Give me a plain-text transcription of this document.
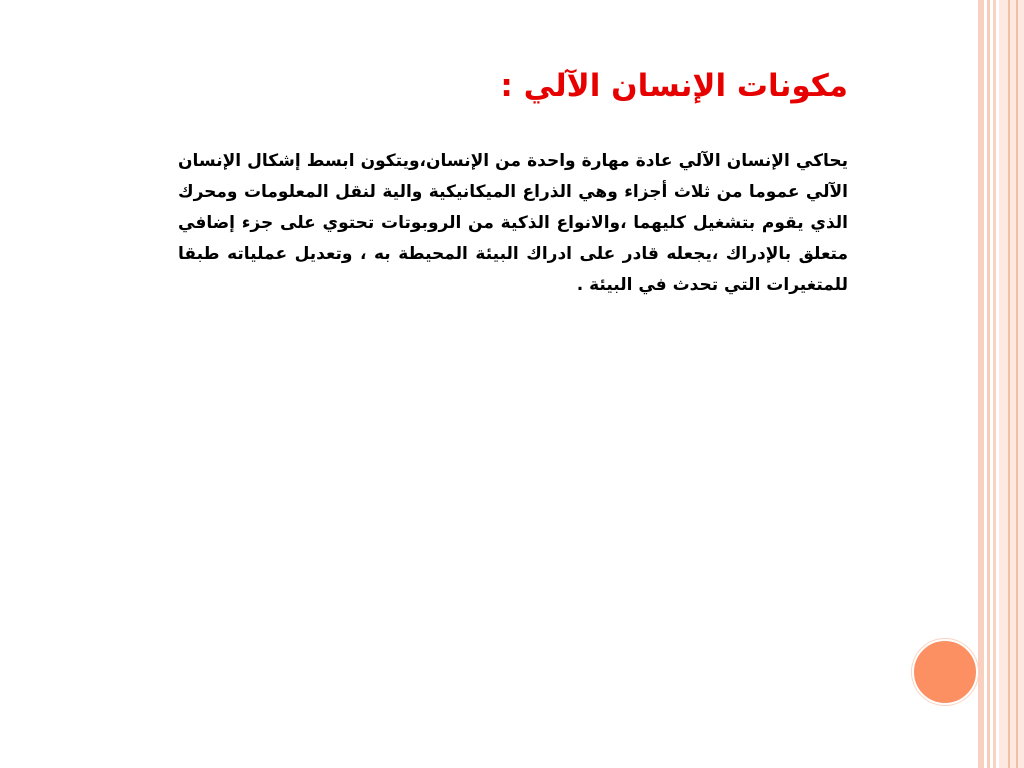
مكونات الإنسان الآلي :
يحاكي الإنسان الآلي عادة مهارة واحدة من الإنسان،ويتكون ابسط إشكال الإنسان الآلي عموما من ثلاث أجزاء وهي الذراع الميكانيكية والية لنقل المعلومات ومحرك الذي يقوم بتشغيل كليهما ،والانواع الذكية من الروبوتات تحتوي على جزء إضافي متعلق بالإدراك ،يجعله قادر على ادراك البيئة المحيطة به ، وتعديل عملياته طبقا للمتغيرات التي تحدث في البيئة .
